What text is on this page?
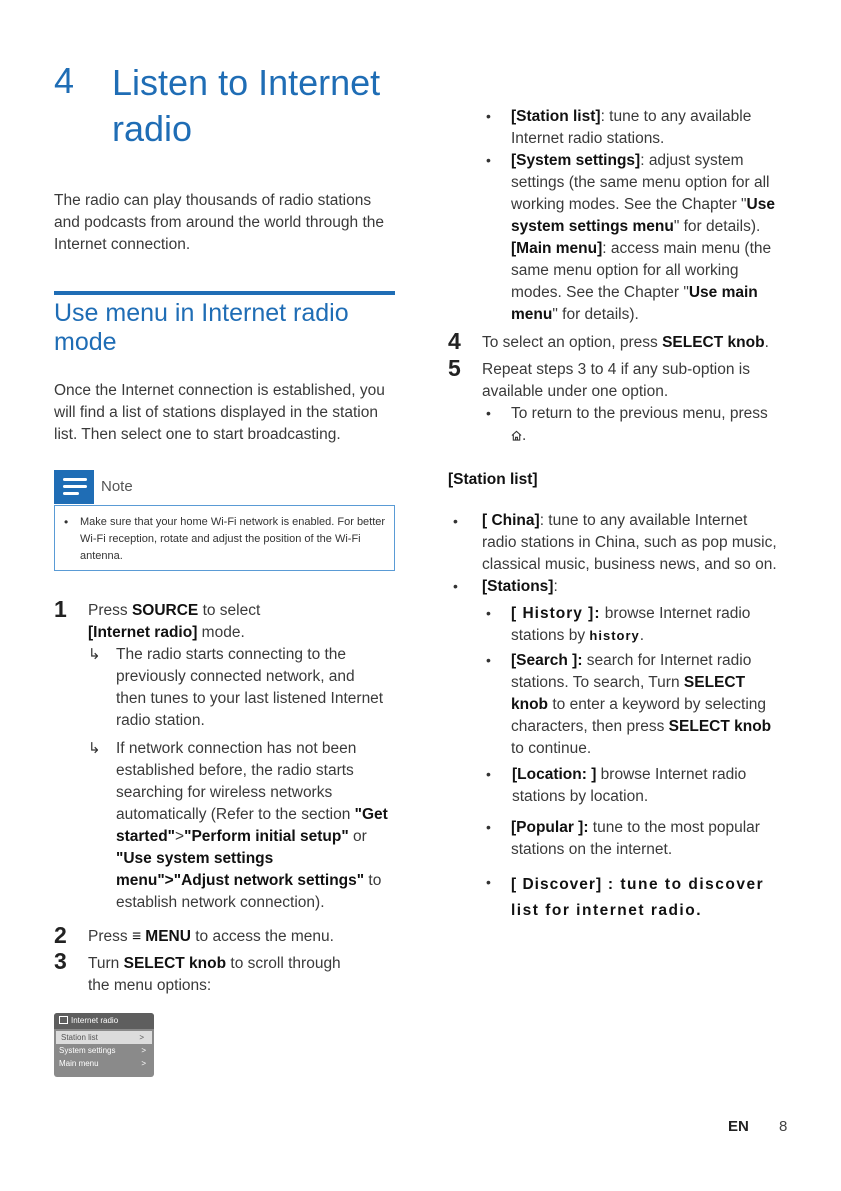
4 Listen to Internet radio
The radio can play thousands of radio stations and podcasts from around the world through the Internet connection.
Use menu in Internet radio mode
Once the Internet connection is established, you will find a list of stations displayed in the station list. Then select one to start broadcasting.
Note
• Make sure that your home Wi-Fi network is enabled. For better Wi-Fi reception, rotate and adjust the position of the Wi-Fi antenna.
1 Press SOURCE to select
[Internet radio] mode.
↳ The radio starts connecting to the previously connected network, and then tunes to your last listened Internet radio station.
↳ If network connection has not been established before, the radio starts searching for wireless networks automatically (Refer to the section "Get started">"Perform initial setup" or "Use system settings menu">"Adjust network settings" to establish network connection).
2 Press ≡ MENU to access the menu.
3 Turn SELECT knob to scroll through
the menu options:
Internet radio
Station list	>
System settings	>
Main menu	>
• [Station list]: tune to any available Internet radio stations.
• [System settings]: adjust system settings (the same menu option for all working modes. See the Chapter "Use system settings menu" for details).
[Main menu]: access main menu (the same menu option for all working modes. See the Chapter "Use main menu" for details).
4 To select an option, press SELECT knob.
5 Repeat steps 3 to 4 if any sub-option is available under one option.
• To return to the previous menu, press
.
[Station list]
• [ China]: tune to any available Internet radio stations in China, such as pop music, classical music, business news, and so on.
• [Stations]:
• [ History ]: browse Internet radio stations by history.
• [Search ]: search for Internet radio stations. To search, Turn SELECT knob to enter a keyword by selecting characters, then press SELECT knob to continue.
• [Location: ] browse Internet radio stations by location.
• [Popular ]: tune to the most popular stations on the internet.
• [ Discover] : tune to discover list for internet radio.
EN 8
